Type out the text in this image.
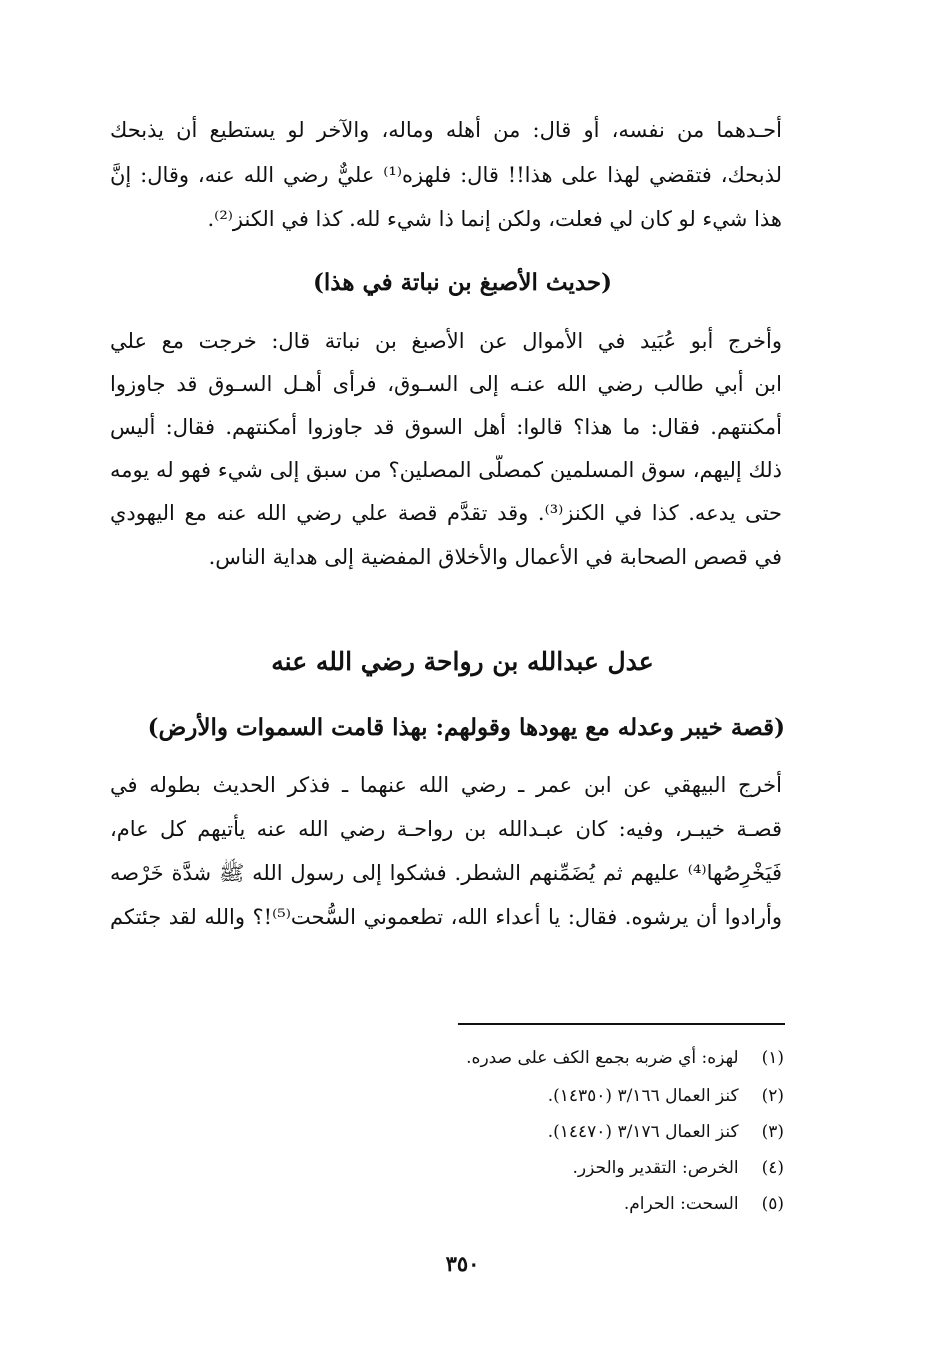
أحـدهما من نفسه، أو قال: من أهله وماله، والآخر لو يستطيع أن يذبحك
لذبحك، فتقضي لهذا على هذا!! قال: فلهزه⁽¹⁾ عليٌّ رضي الله عنه، وقال: إنَّ
هذا شيء لو كان لي فعلت، ولكن إنما ذا شيء لله. كذا في الكنز⁽²⁾.
(حديث الأصبغ بن نباتة في هذا)
وأخرج أبو عُبَيد في الأموال عن الأصبغ بن نباتة قال: خرجت مع علي
ابن أبي طالب رضي الله عنـه إلى السـوق، فرأى أهـل السـوق قد جاوزوا
أمكنتهم. فقال: ما هذا؟ قالوا: أهل السوق قد جاوزوا أمكنتهم. فقال: أليس
ذلك إليهم، سوق المسلمين كمصلَّى المصلين؟ من سبق إلى شيء فهو له يومه
حتى يدعه. كذا في الكنز⁽³⁾. وقد تقدَّم قصة علي رضي الله عنه مع اليهودي
في قصص الصحابة في الأعمال والأخلاق المفضية إلى هداية الناس.
عدل عبدالله بن رواحة رضي الله عنه
(قصة خيبر وعدله مع يهودها وقولهم: بهذا قامت السموات والأرض)
أخرج البيهقي عن ابن عمر ـ رضي الله عنهما ـ فذكر الحديث بطوله في
قصـة خيبـر، وفيه: كان عبـدالله بن رواحـة رضي الله عنه يأتيهم كل عام،
فَيَخْرِصُها⁽⁴⁾ عليهم ثم يُضَمِّنهم الشطر. فشكوا إلى رسول الله ﷺ شدَّة خَرْصه
وأرادوا أن يرشوه. فقال: يا أعداء الله، تطعموني السُّحت⁽⁵⁾!؟ والله لقد جئتكم
(١) لهزه: أي ضربه بجمع الكف على صدره.
(٢) كنز العمال ٣/١٦٦ (١٤٣٥٠).
(٣) كنز العمال ٣/١٧٦ (١٤٤٧٠).
(٤) الخرص: التقدير والحزر.
(٥) السحت: الحرام.
٣٥٠
